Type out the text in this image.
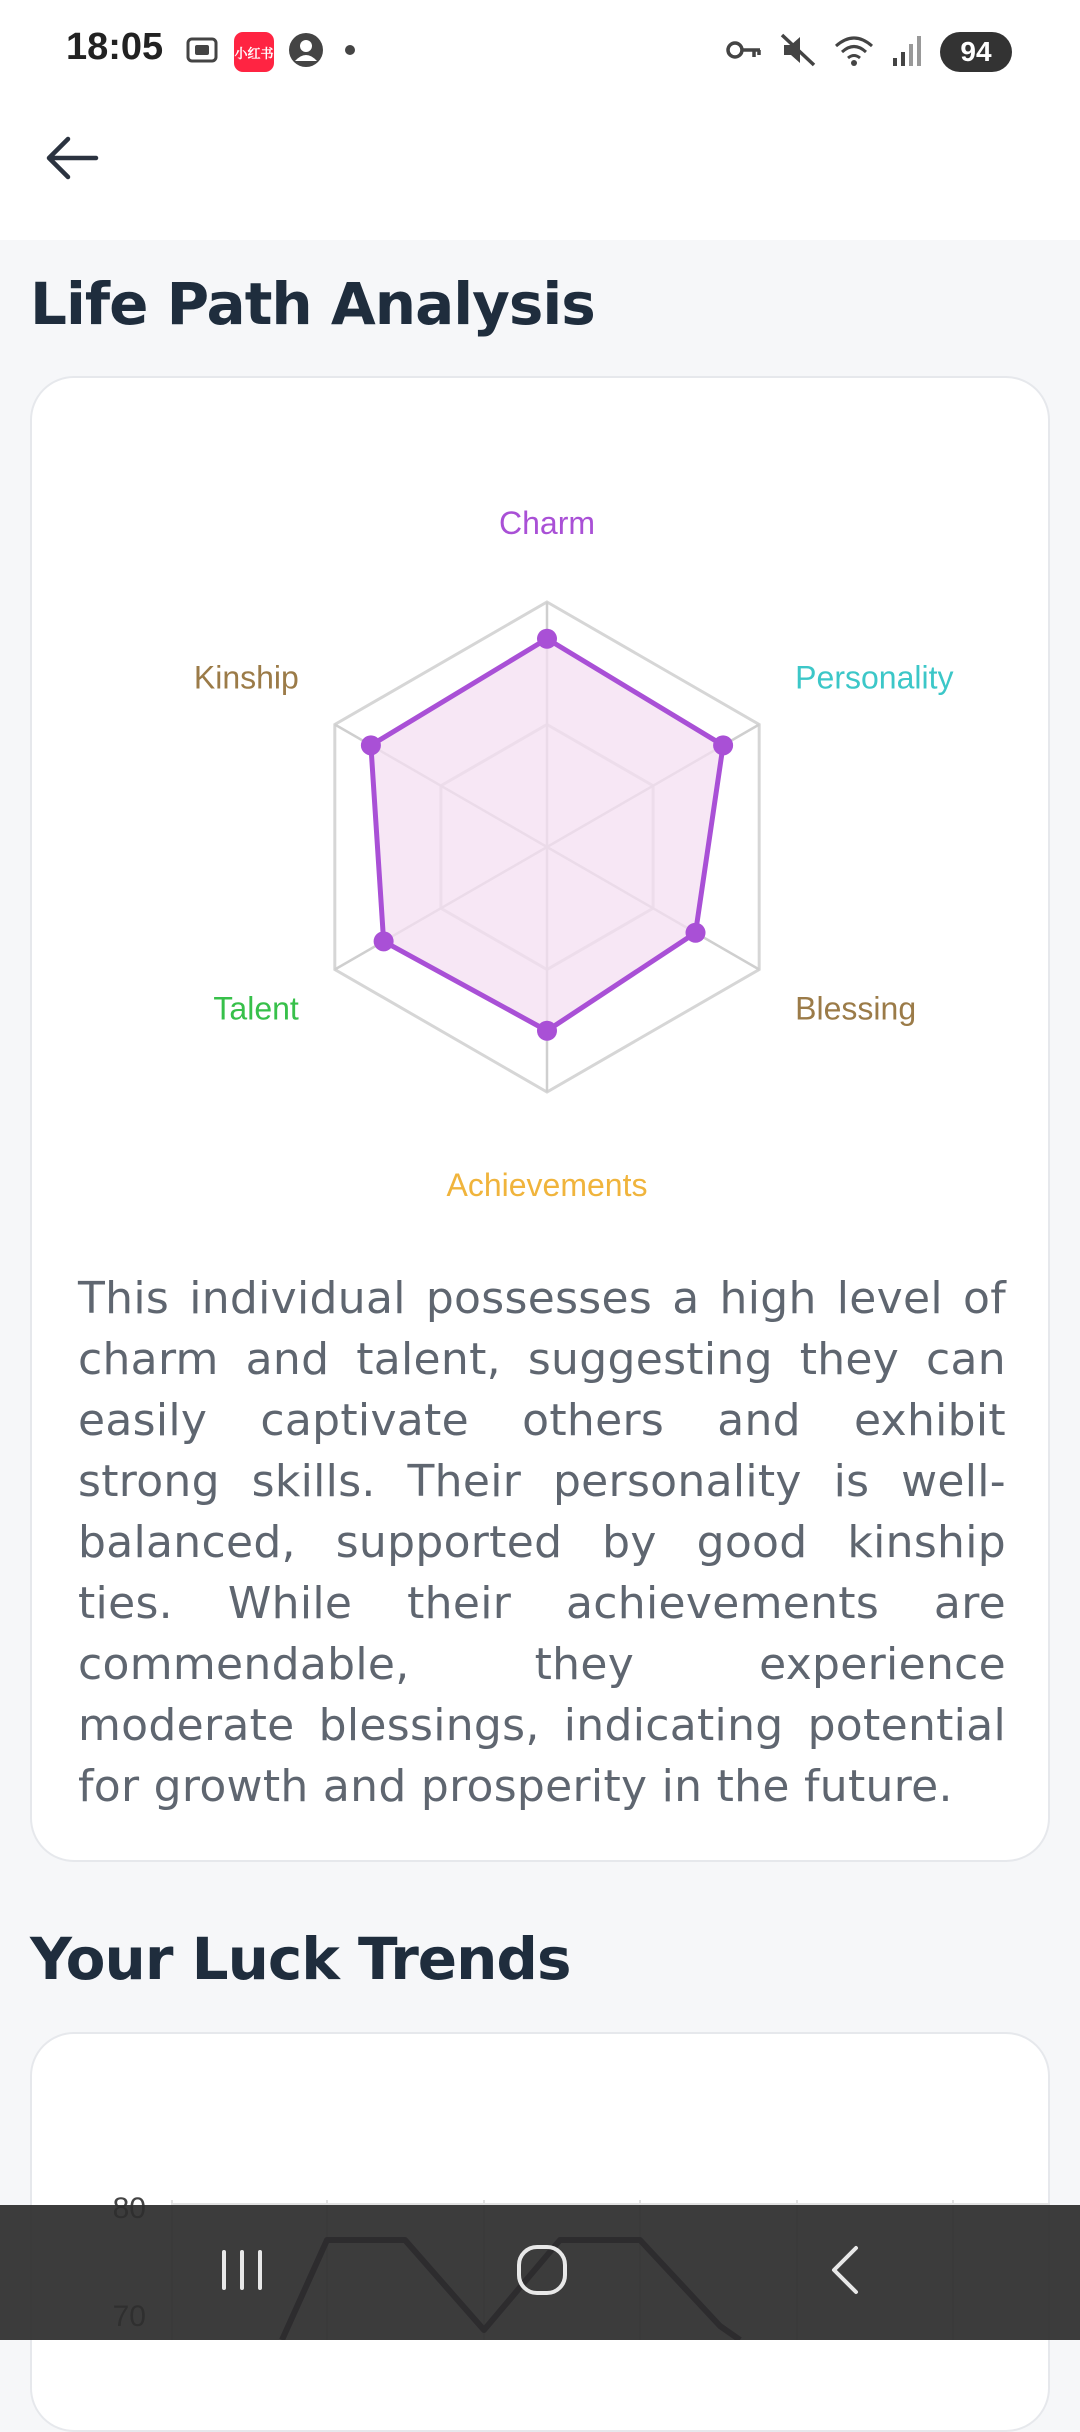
18:05	小红书	94
Life Path Analysis
Charm
Personality
Blessing
Achievements
Talent
Kinship
This individual possesses a high level of charm and talent, suggesting they can easily captivate others and exhibit strong skills. Their personality is well-balanced, supported by good kinship ties. While their achievements are commendable, they experience moderate blessings, indicating potential for growth and prosperity in the future.
Your Luck Trends
